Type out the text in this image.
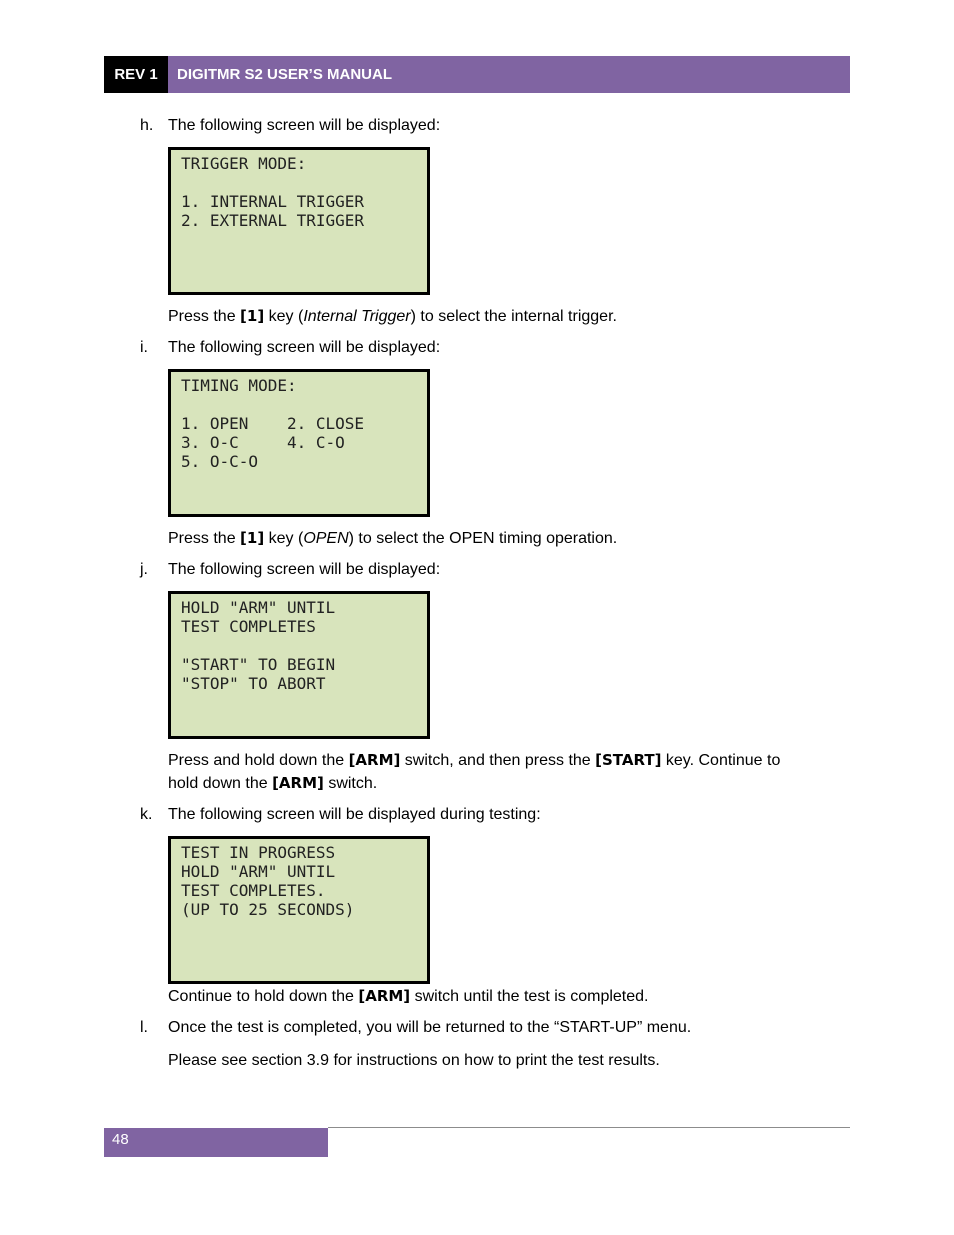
REV 1	DIGITMR S2 USER’S MANUAL
h. The following screen will be displayed:
TRIGGER MODE:
1. INTERNAL TRIGGER
2. EXTERNAL TRIGGER
Press the [1] key (Internal Trigger) to select the internal trigger.
i. The following screen will be displayed:
TIMING MODE:
1. OPEN    2. CLOSE
3. O-C     4. C-O
5. O-C-O
Press the [1] key (OPEN) to select the OPEN timing operation.
j. The following screen will be displayed:
HOLD "ARM" UNTIL
TEST COMPLETES
"START" TO BEGIN
"STOP" TO ABORT
Press and hold down the [ARM] switch, and then press the [START] key. Continue to
hold down the [ARM] switch.
k. The following screen will be displayed during testing:
TEST IN PROGRESS
HOLD "ARM" UNTIL
TEST COMPLETES.
(UP TO 25 SECONDS)
Continue to hold down the [ARM] switch until the test is completed.
l. Once the test is completed, you will be returned to the “START-UP” menu.
Please see section 3.9 for instructions on how to print the test results.
48
